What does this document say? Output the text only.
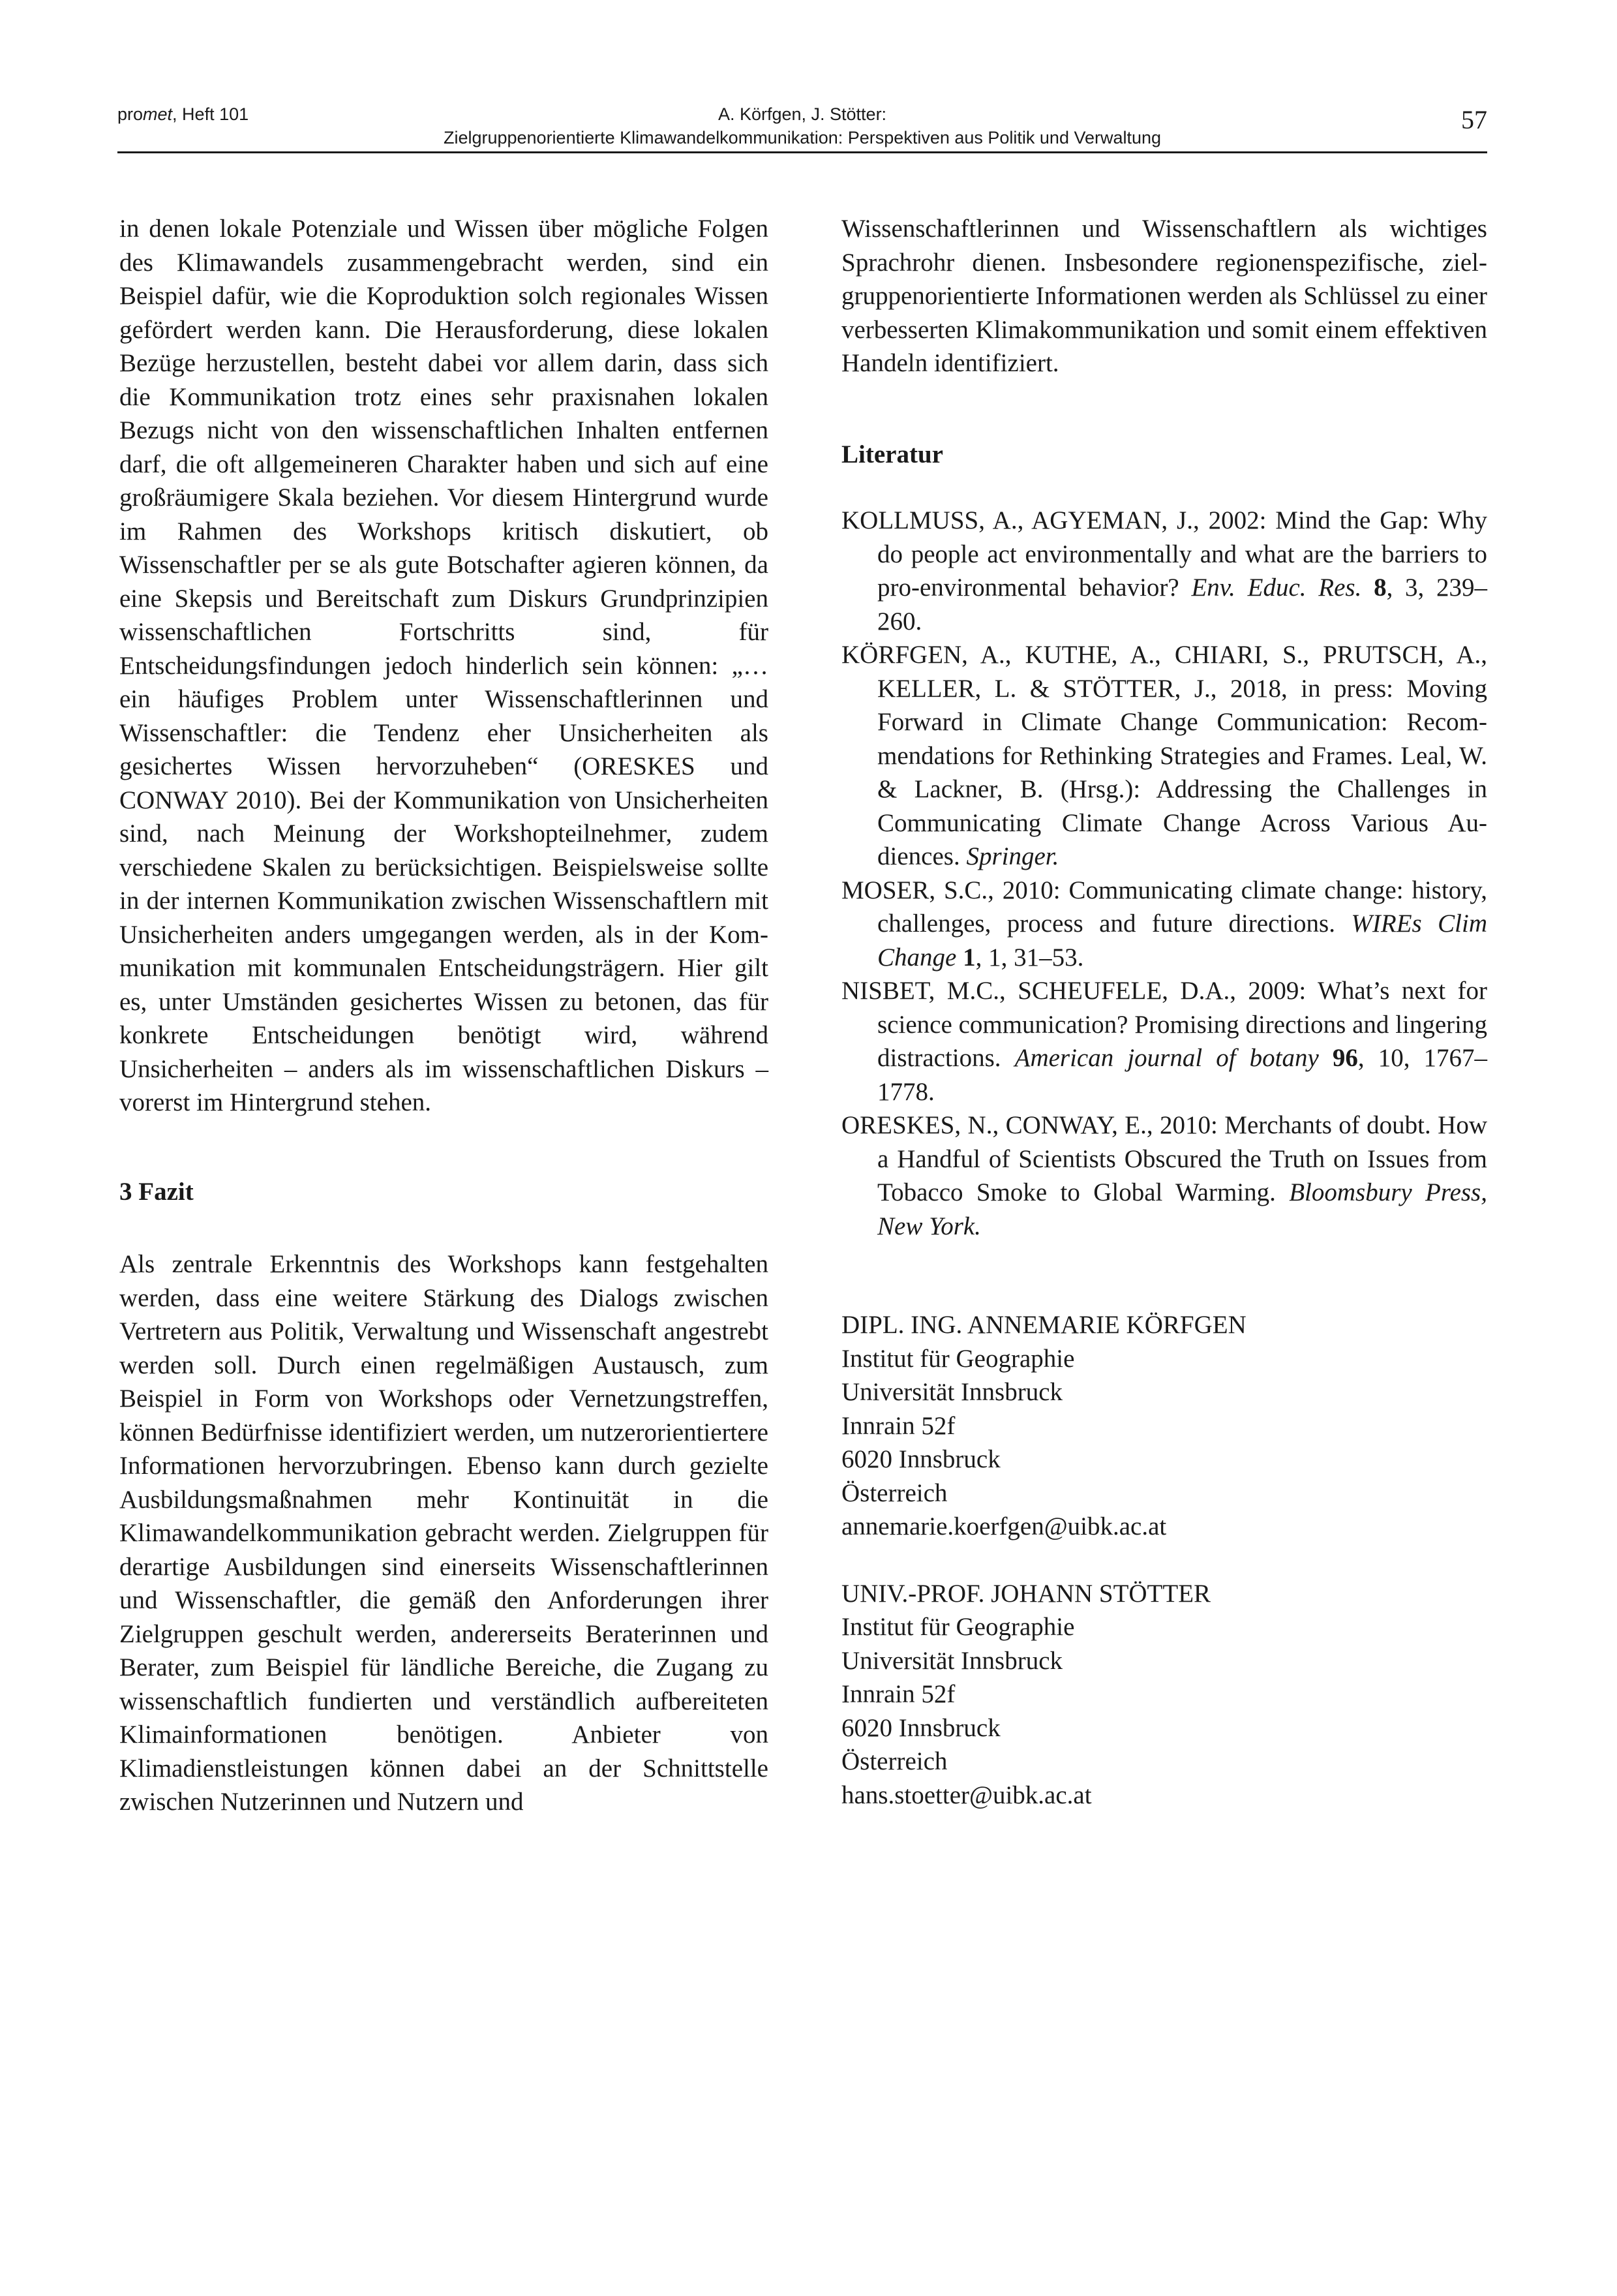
promet, Heft 101	A. Körfgen, J. Stötter:
Zielgruppenorientierte Klimawandelkommunikation: Perspektiven aus Politik und Verwaltung
57

in denen lokale Potenziale und Wissen über mögliche Folgen des Klimawandels zusammengebracht werden, sind ein Beispiel dafür, wie die Koproduktion solch regionales Wissen gefördert werden kann. Die Herausforderung, diese lokalen Bezüge herzustellen, besteht dabei vor allem darin, dass sich die Kommunikation trotz eines sehr praxisnahen lokalen Bezugs nicht von den wissenschaftlichen Inhalten entfernen darf, die oft allgemeineren Charakter haben und sich auf eine großräumigere Skala beziehen. Vor diesem Hintergrund wurde im Rahmen des Workshops kritisch diskutiert, ob Wissenschaftler per se als gute Botschafter agieren können, da eine Skepsis und Bereitschaft zum Diskurs Grundprinzipien wissenschaftlichen Fortschritts sind, für Entscheidungsfindungen jedoch hinderlich sein können: „… ein häufiges Problem unter Wissenschaftlerinnen und Wissenschaftler: die Tendenz eher Unsicherheiten als gesichertes Wissen hervorzuheben“ (ORESKES und CONWAY 2010). Bei der Kommunikation von Unsicherheiten sind, nach Meinung der Workshopteilnehmer, zudem verschiedene Skalen zu berücksichtigen. Beispielsweise sollte in der internen Kommunikation zwischen Wissenschaftlern mit Unsicherheiten anders umgegangen werden, als in der Kommunikation mit kommunalen Entscheidungsträgern. Hier gilt es, unter Umständen gesichertes Wissen zu betonen, das für konkrete Entscheidungen benötigt wird, während Unsicherheiten – anders als im wissenschaftlichen Diskurs – vorerst im Hintergrund stehen.

3 Fazit

Als zentrale Erkenntnis des Workshops kann festgehalten werden, dass eine weitere Stärkung des Dialogs zwischen Vertretern aus Politik, Verwaltung und Wissenschaft angestrebt werden soll. Durch einen regelmäßigen Austausch, zum Beispiel in Form von Workshops oder Vernetzungstreffen, können Bedürfnisse identifiziert werden, um nutzerorientiertere Informationen hervorzubringen. Ebenso kann durch gezielte Ausbildungsmaßnahmen mehr Kontinuität in die Klimawandelkommunikation gebracht werden. Zielgruppen für derartige Ausbildungen sind einerseits Wissenschaftlerinnen und Wissenschaftler, die gemäß den Anforderungen ihrer Zielgruppen geschult werden, andererseits Beraterinnen und Berater, zum Beispiel für ländliche Bereiche, die Zugang zu wissenschaftlich fundierten und verständlich aufbereiteten Klimainformationen benötigen. Anbieter von Klimadienstleistungen können dabei an der Schnittstelle zwischen Nutzerinnen und Nutzern und

Wissenschaftlerinnen und Wissenschaftlern als wichtiges Sprachrohr dienen. Insbesondere regionenspezifische, zielgruppenorientierte Informationen werden als Schlüssel zu einer verbesserten Klimakommunikation und somit einem effektiven Handeln identifiziert.

Literatur

KOLLMUSS, A., AGYEMAN, J., 2002: Mind the Gap: Why do people act environmentally and what are the barriers to pro-environmental behavior? Env. Educ. Res. 8, 3, 239–260.

KÖRFGEN, A., KUTHE, A., CHIARI, S., PRUTSCH, A., KELLER, L. & STÖTTER, J., 2018, in press: Moving Forward in Climate Change Communication: Recommendations for Rethinking Strategies and Frames. Leal, W. & Lackner, B. (Hrsg.): Addressing the Challenges in Communicating Climate Change Across Various Audiences. Springer.

MOSER, S.C., 2010: Communicating climate change: history, challenges, process and future directions. WIREs Clim Change 1, 1, 31–53.

NISBET, M.C., SCHEUFELE, D.A., 2009: What’s next for science communication? Promising directions and lingering distractions. American journal of botany 96, 10, 1767–1778.

ORESKES, N., CONWAY, E., 2010: Merchants of doubt. How a Handful of Scientists Obscured the Truth on Issues from Tobacco Smoke to Global Warming. Bloomsbury Press, New York.

DIPL. ING. ANNEMARIE KÖRFGEN
Institut für Geographie
Universität Innsbruck
Innrain 52f
6020 Innsbruck
Österreich
annemarie.koerfgen@uibk.ac.at
UNIV.-PROF. JOHANN STÖTTER
Institut für Geographie
Universität Innsbruck
Innrain 52f
6020 Innsbruck
Österreich
hans.stoetter@uibk.ac.at
